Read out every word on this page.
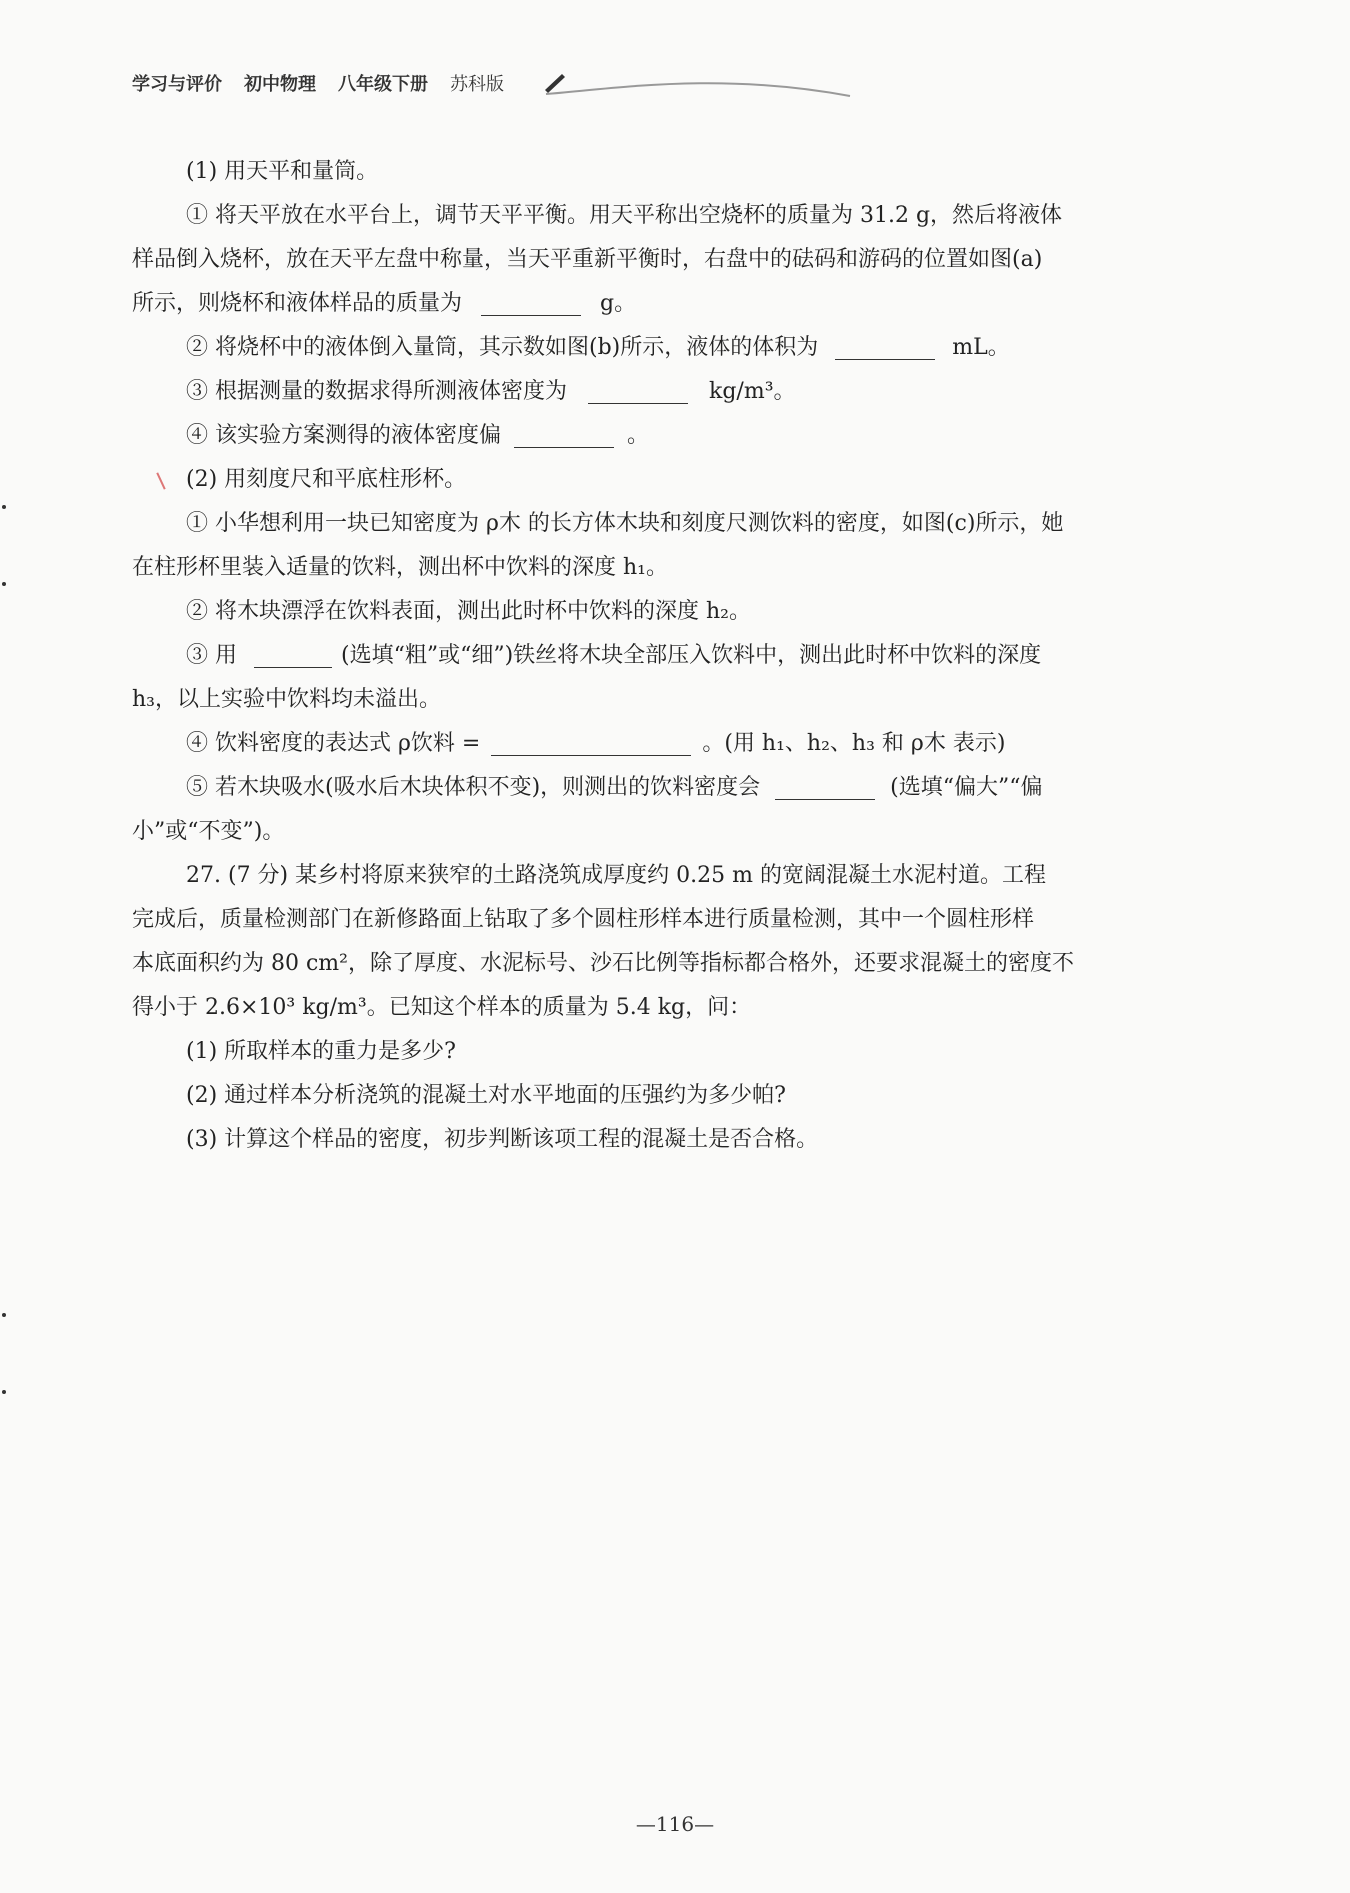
学习与评价 初中物理 八年级下册 苏科版
(1) 用天平和量筒。
① 将天平放在水平台上，调节天平平衡。用天平称出空烧杯的质量为 31.2 g，然后将液体
样品倒入烧杯，放在天平左盘中称量，当天平重新平衡时，右盘中的砝码和游码的位置如图(a)
所示，则烧杯和液体样品的质量为	g。
② 将烧杯中的液体倒入量筒，其示数如图(b)所示，液体的体积为	mL。
③ 根据测量的数据求得所测液体密度为	kg/m³。
④ 该实验方案测得的液体密度偏	。
(2) 用刻度尺和平底柱形杯。
① 小华想利用一块已知密度为 ρ木 的长方体木块和刻度尺测饮料的密度，如图(c)所示，她
在柱形杯里装入适量的饮料，测出杯中饮料的深度 h₁。
② 将木块漂浮在饮料表面，测出此时杯中饮料的深度 h₂。
③ 用	(选填“粗”或“细”)铁丝将木块全部压入饮料中，测出此时杯中饮料的深度
h₃，以上实验中饮料均未溢出。
④ 饮料密度的表达式 ρ饮料 =	。(用 h₁、h₂、h₃ 和 ρ木 表示)
⑤ 若木块吸水(吸水后木块体积不变)，则测出的饮料密度会	(选填“偏大”“偏
小”或“不变”)。
27. (7 分) 某乡村将原来狭窄的土路浇筑成厚度约 0.25 m 的宽阔混凝土水泥村道。工程
完成后，质量检测部门在新修路面上钻取了多个圆柱形样本进行质量检测，其中一个圆柱形样
本底面积约为 80 cm²，除了厚度、水泥标号、沙石比例等指标都合格外，还要求混凝土的密度不
得小于 2.6×10³ kg/m³。已知这个样本的质量为 5.4 kg，问：
(1) 所取样本的重力是多少?
(2) 通过样本分析浇筑的混凝土对水平地面的压强约为多少帕?
(3) 计算这个样品的密度，初步判断该项工程的混凝土是否合格。
—116—
